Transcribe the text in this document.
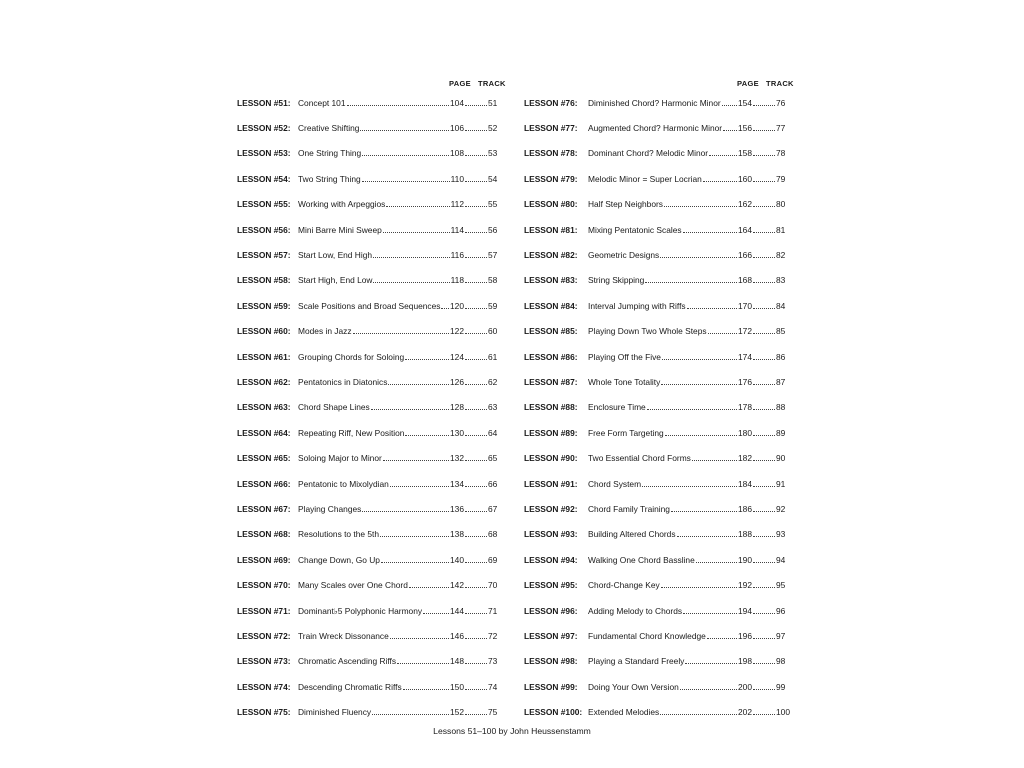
PAGE TRACK
LESSON #51: Concept 101	104	51
LESSON #52: Creative Shifting	106	52
LESSON #53: One String Thing	108	53
LESSON #54: Two String Thing	110	54
LESSON #55: Working with Arpeggios	112	55
LESSON #56: Mini Barre Mini Sweep	114	56
LESSON #57: Start Low, End High	116	57
LESSON #58: Start High, End Low	118	58
LESSON #59: Scale Positions and Broad Sequences 120	59
LESSON #60: Modes in Jazz	122	60
LESSON #61: Grouping Chords for Soloing	124	61
LESSON #62: Pentatonics in Diatonics	126	62
LESSON #63: Chord Shape Lines	128	63
LESSON #64: Repeating Riff, New Position	130	64
LESSON #65: Soloing Major to Minor	132	65
LESSON #66: Pentatonic to Mixolydian	134	66
LESSON #67: Playing Changes	136	67
LESSON #68: Resolutions to the 5th	138	68
LESSON #69: Change Down, Go Up	140	69
LESSON #70: Many Scales over One Chord	142	70
LESSON #71: Dominant♭5 Polyphonic Harmony	144	71
LESSON #72: Train Wreck Dissonance	146	72
LESSON #73: Chromatic Ascending Riffs	148	73
LESSON #74: Descending Chromatic Riffs	150	74
LESSON #75: Diminished Fluency	152	75
PAGE TRACK
LESSON #76:	Diminished Chord? Harmonic Minor 154	76
LESSON #77:	Augmented Chord? Harmonic Minor 156	77
LESSON #78:	Dominant Chord? Melodic Minor	158	78
LESSON #79:	Melodic Minor = Super Locrian	160	79
LESSON #80:	Half Step Neighbors	162	80
LESSON #81:	Mixing Pentatonic Scales	164	81
LESSON #82:	Geometric Designs	166	82
LESSON #83:	String Skipping	168	83
LESSON #84:	Interval Jumping with Riffs	170	84
LESSON #85:	Playing Down Two Whole Steps	172	85
LESSON #86:	Playing Off the Five	174	86
LESSON #87:	Whole Tone Totality	176	87
LESSON #88:	Enclosure Time	178	88
LESSON #89:	Free Form Targeting	180	89
LESSON #90:	Two Essential Chord Forms	182	90
LESSON #91:	Chord System	184	91
LESSON #92:	Chord Family Training	186	92
LESSON #93:	Building Altered Chords	188	93
LESSON #94:	Walking One Chord Bassline	190	94
LESSON #95:	Chord-Change Key	192	95
LESSON #96:	Adding Melody to Chords	194	96
LESSON #97:	Fundamental Chord Knowledge	196	97
LESSON #98:	Playing a Standard Freely	198	98
LESSON #99:	Doing Your Own Version	200	99
LESSON #100: Extended Melodies	202	100
Lessons 51–100 by John Heussenstamm
